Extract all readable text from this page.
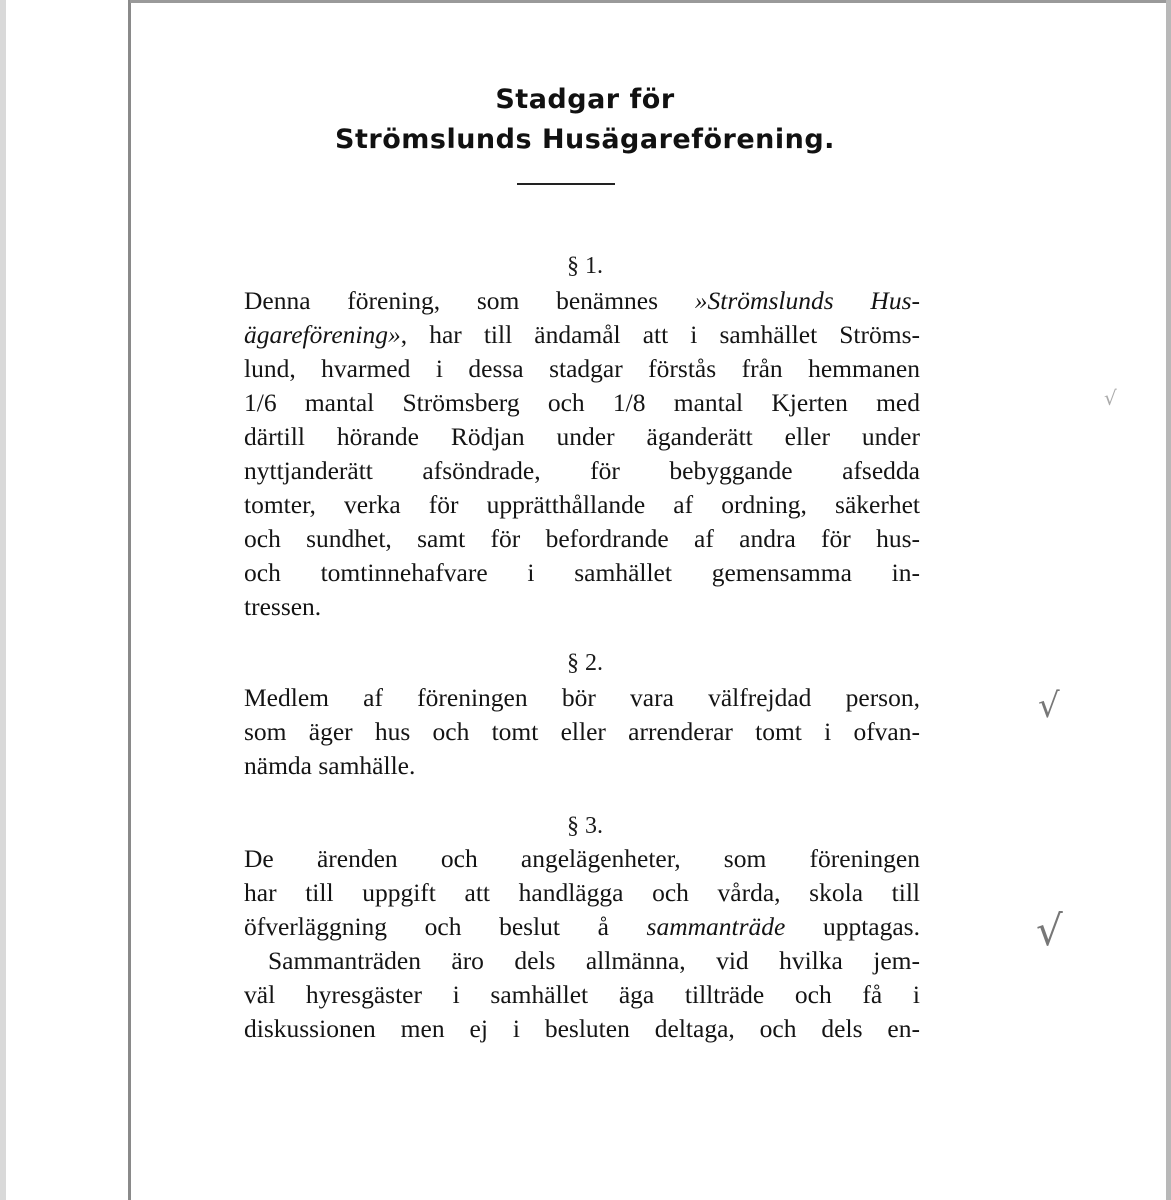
Stadgar för
Strömslunds Husägareförening.
§ 1.
Denna förening, som benämnes »Strömslunds Hus-
ägareförening», har till ändamål att i samhället Ströms-
lund, hvarmed i dessa stadgar förstås från hemmanen
1/6 mantal Strömsberg och 1/8 mantal Kjerten med
därtill hörande Rödjan under äganderätt eller under
nyttjanderätt afsöndrade, för bebyggande afsedda
tomter, verka för upprätthållande af ordning, säkerhet
och sundhet, samt för befordrande af andra för hus-
och tomtinnehafvare i samhället gemensamma in-
tressen.
§ 2.
Medlem af föreningen bör vara välfrejdad person,
som äger hus och tomt eller arrenderar tomt i ofvan-
nämda samhälle.
§ 3.
De ärenden och angelägenheter, som föreningen
har till uppgift att handlägga och vårda, skola till
öfverläggning och beslut å sammanträde upptagas.
Sammanträden äro dels allmänna, vid hvilka jem-
väl hyresgäster i samhället äga tillträde och få i
diskussionen men ej i besluten deltaga, och dels en-
√
√
√
